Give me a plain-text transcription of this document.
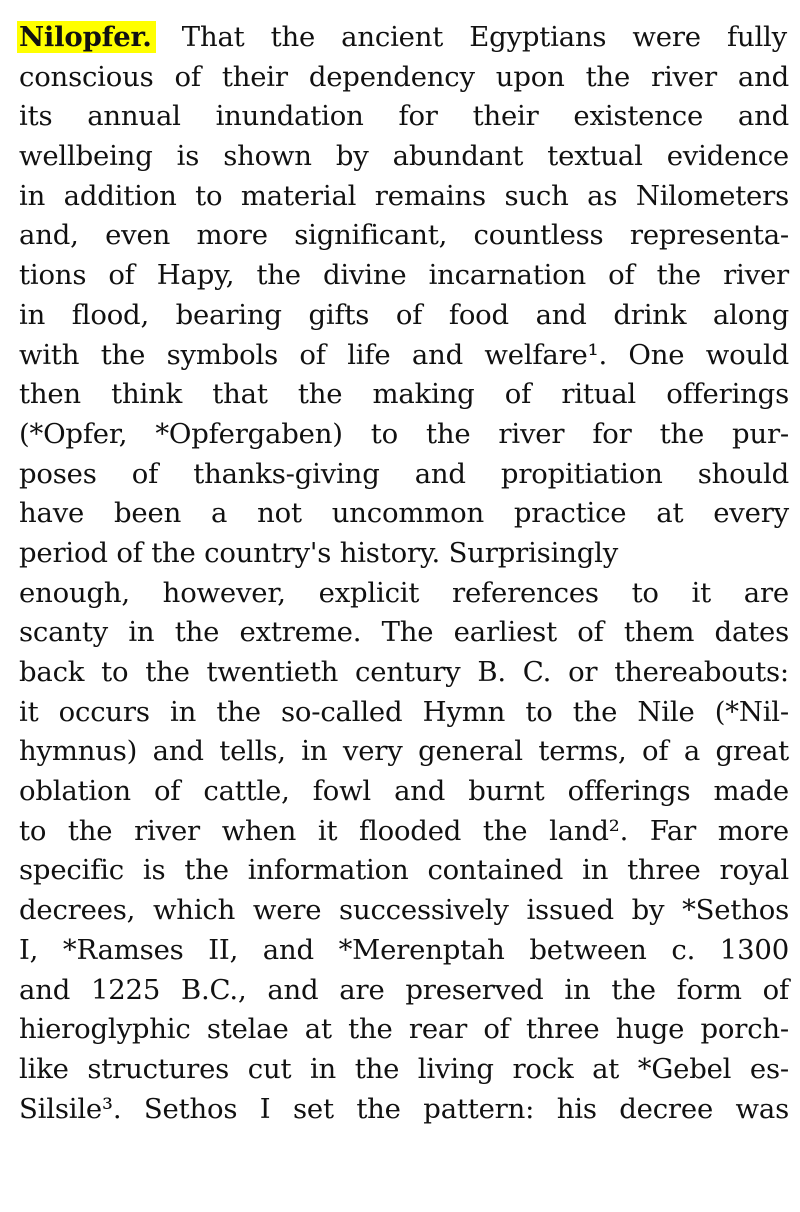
Nilopfer. That the ancient Egyptians were fully
conscious of their dependency upon the river and
its annual inundation for their existence and
wellbeing is shown by abundant textual evidence
in addition to material remains such as Nilometers
and, even more significant, countless representa-
tions of Hapy, the divine incarnation of the river
in flood, bearing gifts of food and drink along
with the symbols of life and welfare¹. One would
then think that the making of ritual offerings
(*Opfer, *Opfergaben) to the river for the pur-
poses of thanks-giving and propitiation should
have been a not uncommon practice at every
period of the country's history. Surprisingly
enough, however, explicit references to it are
scanty in the extreme. The earliest of them dates
back to the twentieth century B. C. or thereabouts:
it occurs in the so-called Hymn to the Nile (*Nil-
hymnus) and tells, in very general terms, of a great
oblation of cattle, fowl and burnt offerings made
to the river when it flooded the land². Far more
specific is the information contained in three royal
decrees, which were successively issued by *Sethos
I, *Ramses II, and *Merenptah between c. 1300
and 1225 B.C., and are preserved in the form of
hieroglyphic stelae at the rear of three huge porch-
like structures cut in the living rock at *Gebel es-
Silsile³. Sethos I set the pattern: his decree was
